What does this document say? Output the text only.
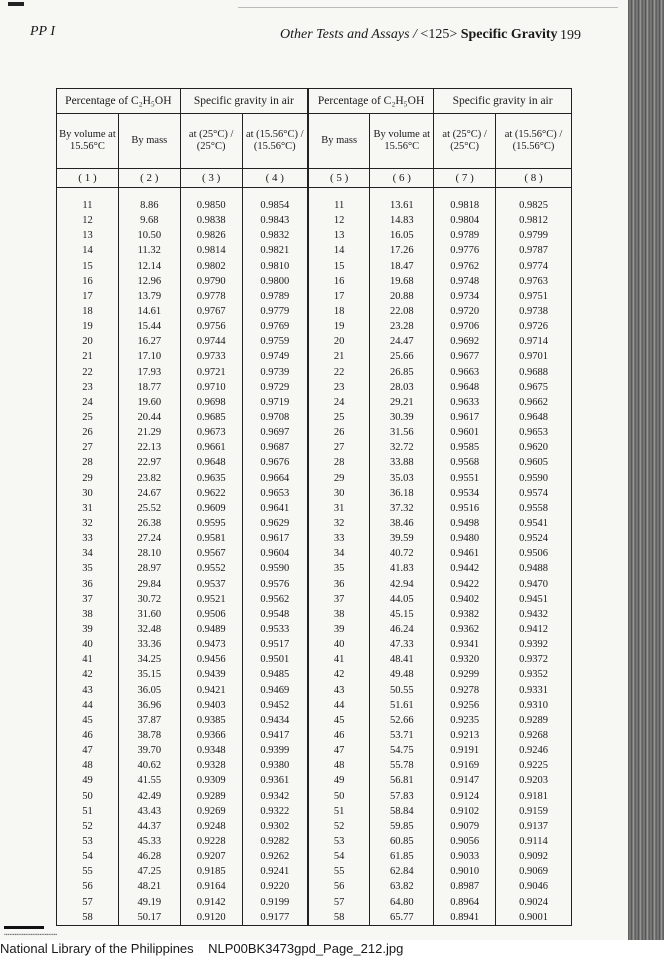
PP I	Other Tests and Assays / <125> Specific Gravity 199
Percentage of C₂H₅OH		Specific gravity in air		Percentage of C₂H₅OH		Specific gravity in air	
By volume at 15.56°C	By mass	at (25°C) / (25°C)	at (15.56°C) / (15.56°C)	By mass	By volume at 15.56°C	at (25°C) / (25°C)	at (15.56°C) / (15.56°C)
( 1 )	( 2 )	( 3 )	( 4 )	( 5 )	( 6 )	( 7 )	( 8 )

11	8.86	0.9850	0.9854	11	13.61	0.9818	0.9825
12	9.68	0.9838	0.9843	12	14.83	0.9804	0.9812
13	10.50	0.9826	0.9832	13	16.05	0.9789	0.9799
14	11.32	0.9814	0.9821	14	17.26	0.9776	0.9787
15	12.14	0.9802	0.9810	15	18.47	0.9762	0.9774
16	12.96	0.9790	0.9800	16	19.68	0.9748	0.9763
17	13.79	0.9778	0.9789	17	20.88	0.9734	0.9751
18	14.61	0.9767	0.9779	18	22.08	0.9720	0.9738
19	15.44	0.9756	0.9769	19	23.28	0.9706	0.9726
20	16.27	0.9744	0.9759	20	24.47	0.9692	0.9714
21	17.10	0.9733	0.9749	21	25.66	0.9677	0.9701
22	17.93	0.9721	0.9739	22	26.85	0.9663	0.9688
23	18.77	0.9710	0.9729	23	28.03	0.9648	0.9675
24	19.60	0.9698	0.9719	24	29.21	0.9633	0.9662
25	20.44	0.9685	0.9708	25	30.39	0.9617	0.9648
26	21.29	0.9673	0.9697	26	31.56	0.9601	0.9653
27	22.13	0.9661	0.9687	27	32.72	0.9585	0.9620
28	22.97	0.9648	0.9676	28	33.88	0.9568	0.9605
29	23.82	0.9635	0.9664	29	35.03	0.9551	0.9590
30	24.67	0.9622	0.9653	30	36.18	0.9534	0.9574
31	25.52	0.9609	0.9641	31	37.32	0.9516	0.9558
32	26.38	0.9595	0.9629	32	38.46	0.9498	0.9541
33	27.24	0.9581	0.9617	33	39.59	0.9480	0.9524
34	28.10	0.9567	0.9604	34	40.72	0.9461	0.9506
35	28.97	0.9552	0.9590	35	41.83	0.9442	0.9488
36	29.84	0.9537	0.9576	36	42.94	0.9422	0.9470
37	30.72	0.9521	0.9562	37	44.05	0.9402	0.9451
38	31.60	0.9506	0.9548	38	45.15	0.9382	0.9432
39	32.48	0.9489	0.9533	39	46.24	0.9362	0.9412
40	33.36	0.9473	0.9517	40	47.33	0.9341	0.9392
41	34.25	0.9456	0.9501	41	48.41	0.9320	0.9372
42	35.15	0.9439	0.9485	42	49.48	0.9299	0.9352
43	36.05	0.9421	0.9469	43	50.55	0.9278	0.9331
44	36.96	0.9403	0.9452	44	51.61	0.9256	0.9310
45	37.87	0.9385	0.9434	45	52.66	0.9235	0.9289
46	38.78	0.9366	0.9417	46	53.71	0.9213	0.9268
47	39.70	0.9348	0.9399	47	54.75	0.9191	0.9246
48	40.62	0.9328	0.9380	48	55.78	0.9169	0.9225
49	41.55	0.9309	0.9361	49	56.81	0.9147	0.9203
50	42.49	0.9289	0.9342	50	57.83	0.9124	0.9181
51	43.43	0.9269	0.9322	51	58.84	0.9102	0.9159
52	44.37	0.9248	0.9302	52	59.85	0.9079	0.9137
53	45.33	0.9228	0.9282	53	60.85	0.9056	0.9114
54	46.28	0.9207	0.9262	54	61.85	0.9033	0.9092
55	47.25	0.9185	0.9241	55	62.84	0.9010	0.9069
56	48.21	0.9164	0.9220	56	63.82	0.8987	0.9046
57	49.19	0.9142	0.9199	57	64.80	0.8964	0.9024
58	50.17	0.9120	0.9177	58	65.77	0.8941	0.9001
▪▪▪▪▪▪▪▪▪▪▪▪▪▪▪▪▪▪▪▪▪▪▪▪▪▪▪▪▪▪
National Library of the Philippines NLP00BK3473gpd_Page_212.jpg
